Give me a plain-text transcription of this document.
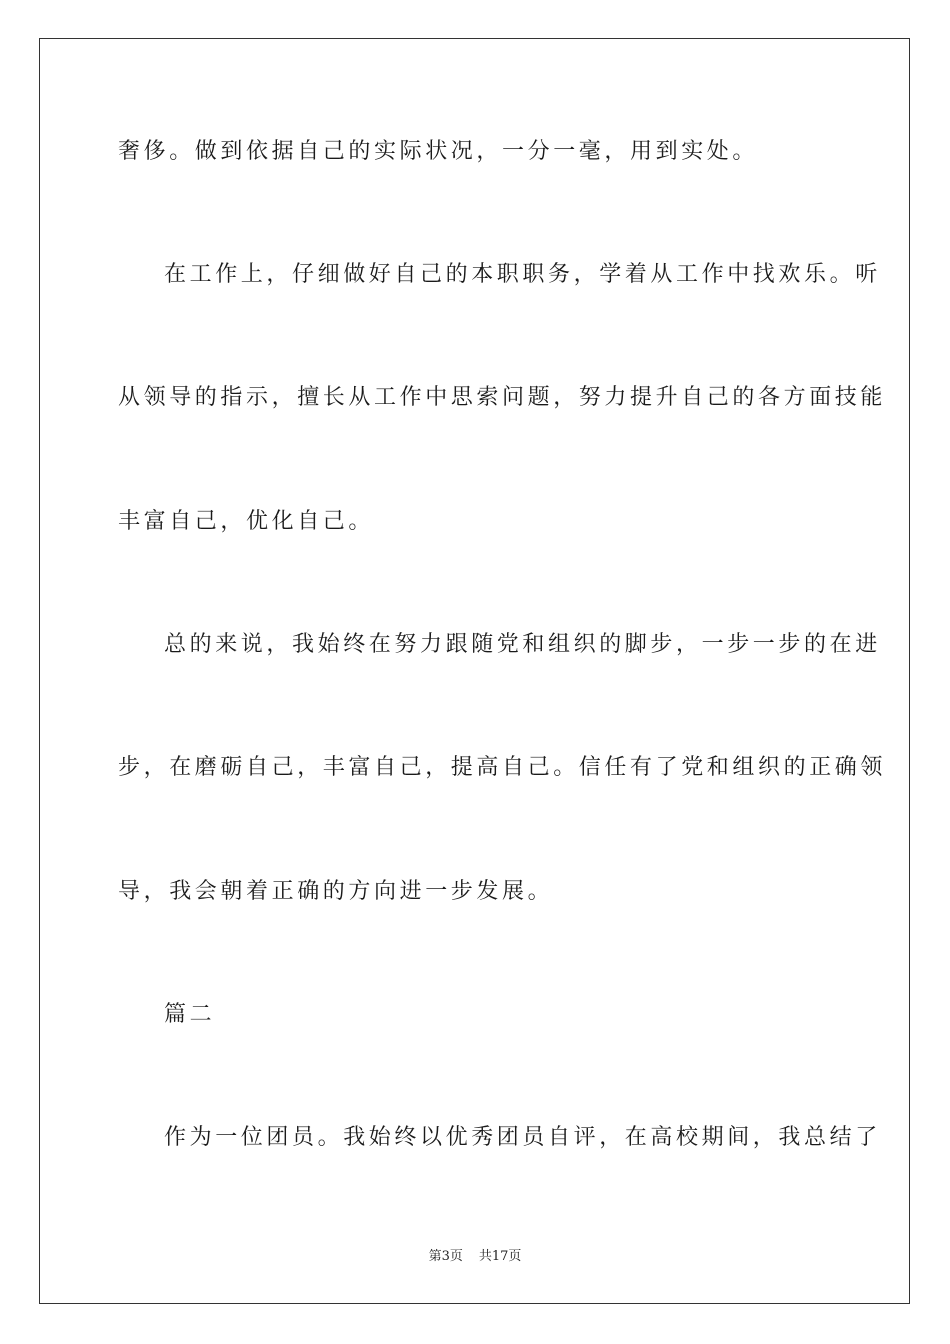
奢侈。做到依据自己的实际状况，一分一毫，用到实处。
在工作上，仔细做好自己的本职职务，学着从工作中找欢乐。听
从领导的指示，擅长从工作中思索问题，努力提升自己的各方面技能
丰富自己，优化自己。
总的来说，我始终在努力跟随党和组织的脚步，一步一步的在进
步，在磨砺自己，丰富自己，提高自己。信任有了党和组织的正确领
导，我会朝着正确的方向进一步发展。
篇二
作为一位团员。我始终以优秀团员自评，在高校期间，我总结了
第3页 共17页
